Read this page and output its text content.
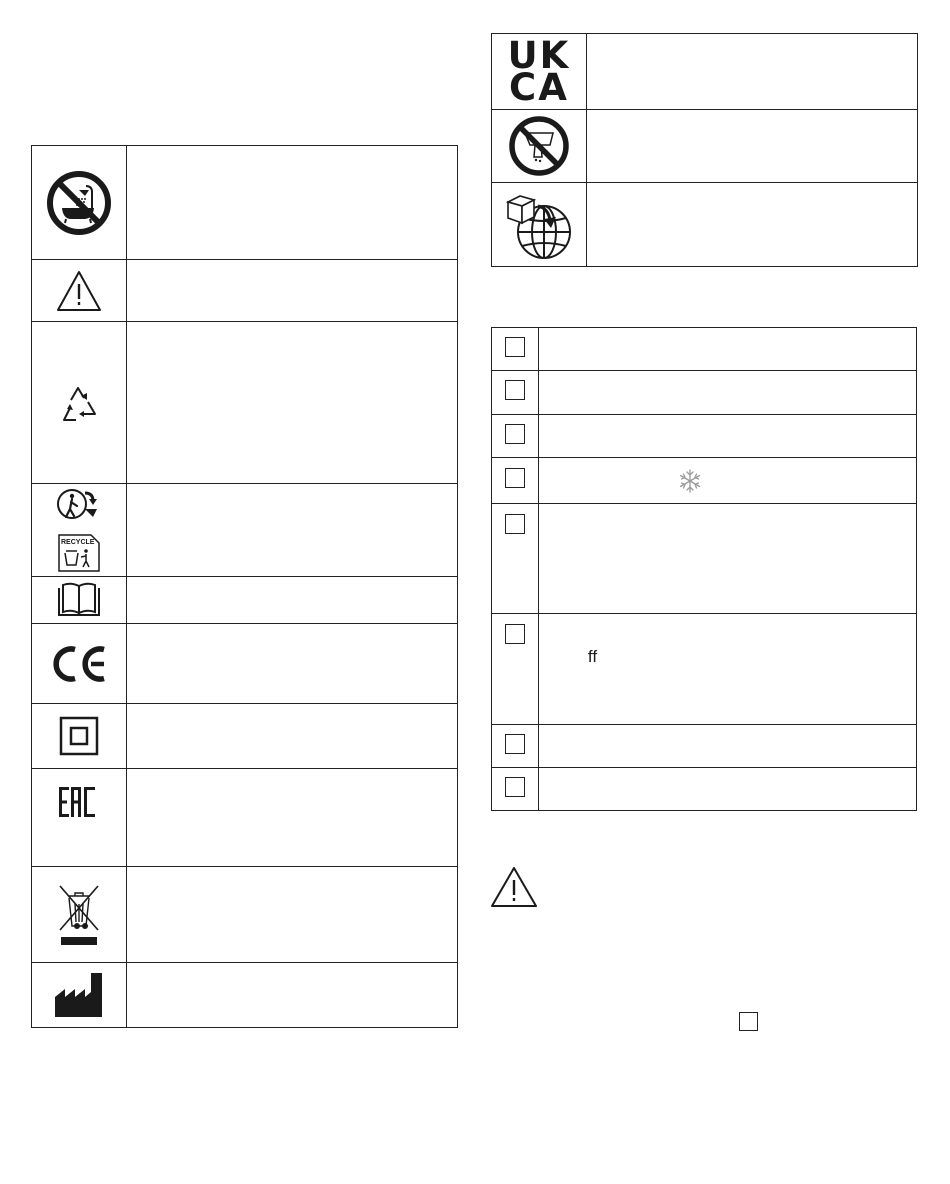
RECYCLE	

UK
CA	

	ff
